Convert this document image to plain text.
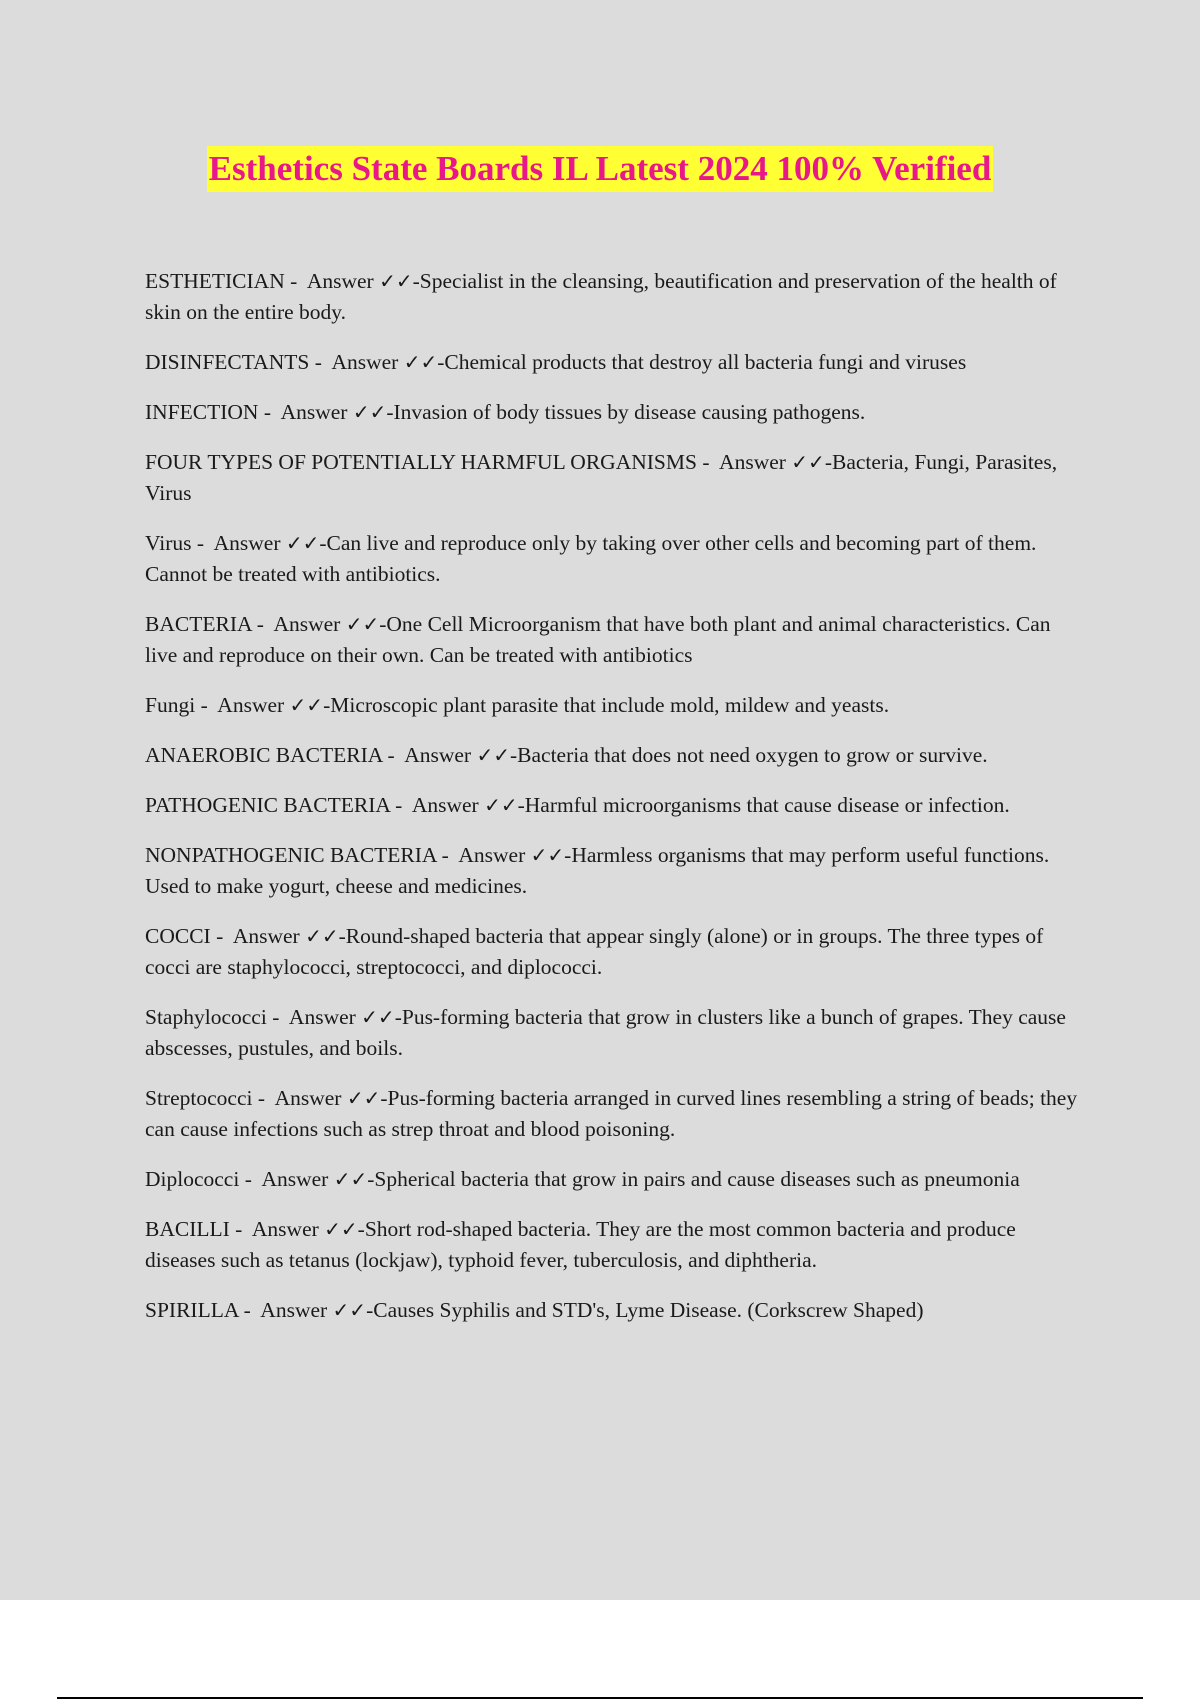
Esthetics State Boards IL Latest 2024 100% Verified

ESTHETICIAN -  Answer ✓✓-Specialist in the cleansing, beautification and preservation of the health of skin on the entire body.

DISINFECTANTS -  Answer ✓✓-Chemical products that destroy all bacteria fungi and viruses

INFECTION -  Answer ✓✓-Invasion of body tissues by disease causing pathogens.

FOUR TYPES OF POTENTIALLY HARMFUL ORGANISMS -  Answer ✓✓-Bacteria, Fungi, Parasites, Virus

Virus -  Answer ✓✓-Can live and reproduce only by taking over other cells and becoming part of them. Cannot be treated with antibiotics.

BACTERIA -  Answer ✓✓-One Cell Microorganism that have both plant and animal characteristics. Can live and reproduce on their own. Can be treated with antibiotics

Fungi -  Answer ✓✓-Microscopic plant parasite that include mold, mildew and yeasts.

ANAEROBIC BACTERIA -  Answer ✓✓-Bacteria that does not need oxygen to grow or survive.

PATHOGENIC BACTERIA -  Answer ✓✓-Harmful microorganisms that cause disease or infection.

NONPATHOGENIC BACTERIA -  Answer ✓✓-Harmless organisms that may perform useful functions. Used to make yogurt, cheese and medicines.

COCCI -  Answer ✓✓-Round-shaped bacteria that appear singly (alone) or in groups. The three types of cocci are staphylococci, streptococci, and diplococci.

Staphylococci -  Answer ✓✓-Pus-forming bacteria that grow in clusters like a bunch of grapes. They cause abscesses, pustules, and boils.

Streptococci -  Answer ✓✓-Pus-forming bacteria arranged in curved lines resembling a string of beads; they can cause infections such as strep throat and blood poisoning.

Diplococci -  Answer ✓✓-Spherical bacteria that grow in pairs and cause diseases such as pneumonia

BACILLI -  Answer ✓✓-Short rod-shaped bacteria. They are the most common bacteria and produce diseases such as tetanus (lockjaw), typhoid fever, tuberculosis, and diphtheria.

SPIRILLA -  Answer ✓✓-Causes Syphilis and STD's, Lyme Disease. (Corkscrew Shaped)
